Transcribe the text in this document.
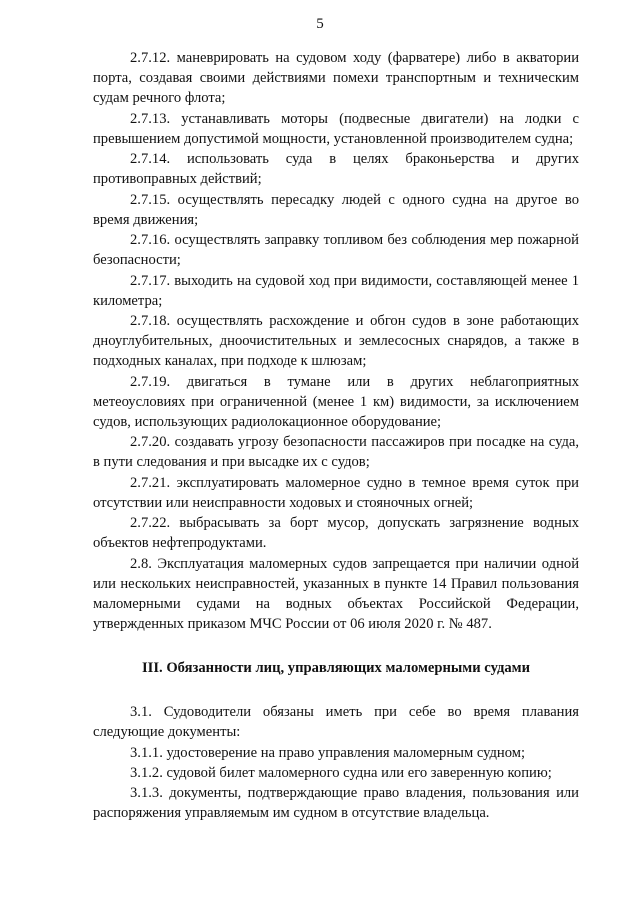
5

2.7.12. маневрировать на судовом ходу (фарватере) либо в акватории порта, создавая своими действиями помехи транспортным и техническим судам речного флота;

2.7.13. устанавливать моторы (подвесные двигатели) на лодки с превышением допустимой мощности, установленной производителем судна;

2.7.14. использовать суда в целях браконьерства и других противоправных действий;

2.7.15. осуществлять пересадку людей с одного судна на другое во время движения;

2.7.16. осуществлять заправку топливом без соблюдения мер пожарной безопасности;

2.7.17. выходить на судовой ход при видимости, составляющей менее 1 километра;

2.7.18. осуществлять расхождение и обгон судов в зоне работающих дноуглубительных, дноочистительных и землесосных снарядов, а также в подходных каналах, при подходе к шлюзам;

2.7.19. двигаться в тумане или в других неблагоприятных метеоусловиях при ограниченной (менее 1 км) видимости, за исключением судов, использующих радиолокационное оборудование;

2.7.20. создавать угрозу безопасности пассажиров при посадке на суда, в пути следования и при высадке их с судов;

2.7.21. эксплуатировать маломерное судно в темное время суток при отсутствии или неисправности ходовых и стояночных огней;

2.7.22. выбрасывать за борт мусор, допускать загрязнение водных объектов нефтепродуктами.

2.8. Эксплуатация маломерных судов запрещается при наличии одной или нескольких неисправностей, указанных в пункте 14 Правил пользования маломерными судами на водных объектах Российской Федерации, утвержденных приказом МЧС России от 06 июля 2020 г. № 487.

III. Обязанности лиц, управляющих маломерными судами

3.1. Судоводители обязаны иметь при себе во время плавания следующие документы:

3.1.1. удостоверение на право управления маломерным судном;

3.1.2. судовой билет маломерного судна или его заверенную копию;

3.1.3. документы, подтверждающие право владения, пользования или распоряжения управляемым им судном в отсутствие владельца.
